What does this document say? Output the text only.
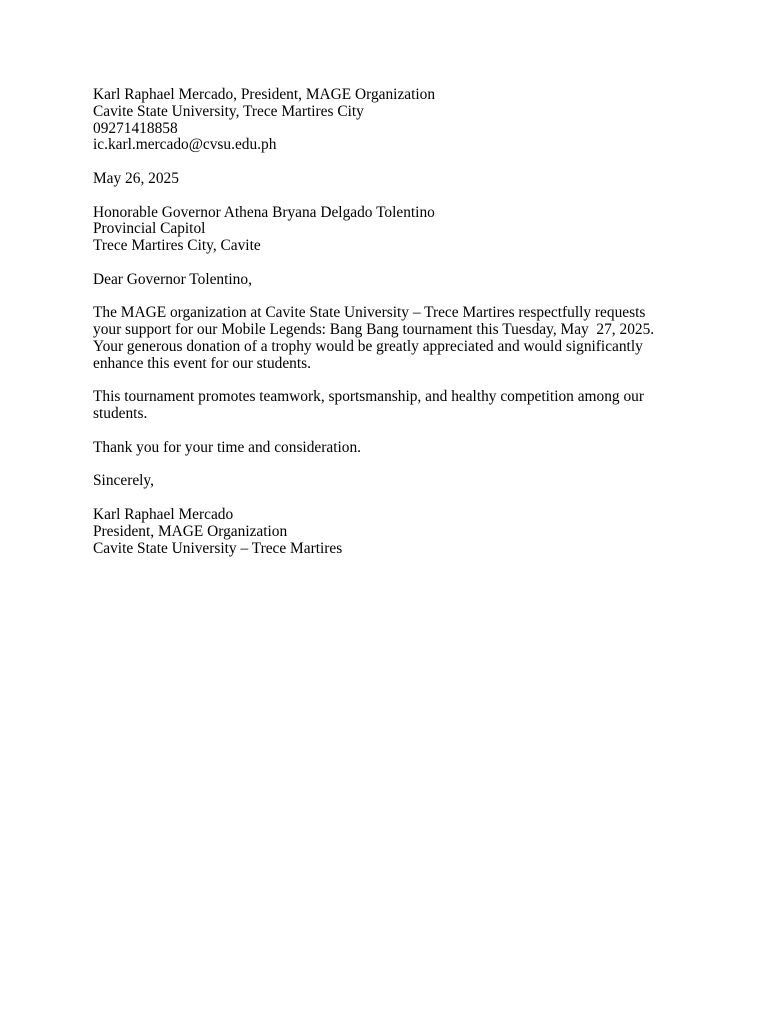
Karl Raphael Mercado, President, MAGE Organization
Cavite State University, Trece Martires City
09271418858
ic.karl.mercado@cvsu.edu.ph
May 26, 2025
Honorable Governor Athena Bryana Delgado Tolentino
Provincial Capitol
Trece Martires City, Cavite
Dear Governor Tolentino,
The MAGE organization at Cavite State University – Trece Martires respectfully requests
your support for our Mobile Legends: Bang Bang tournament this Tuesday, May  27, 2025.
Your generous donation of a trophy would be greatly appreciated and would significantly
enhance this event for our students.
This tournament promotes teamwork, sportsmanship, and healthy competition among our
students.
Thank you for your time and consideration.
Sincerely,
Karl Raphael Mercado
President, MAGE Organization
Cavite State University – Trece Martires
